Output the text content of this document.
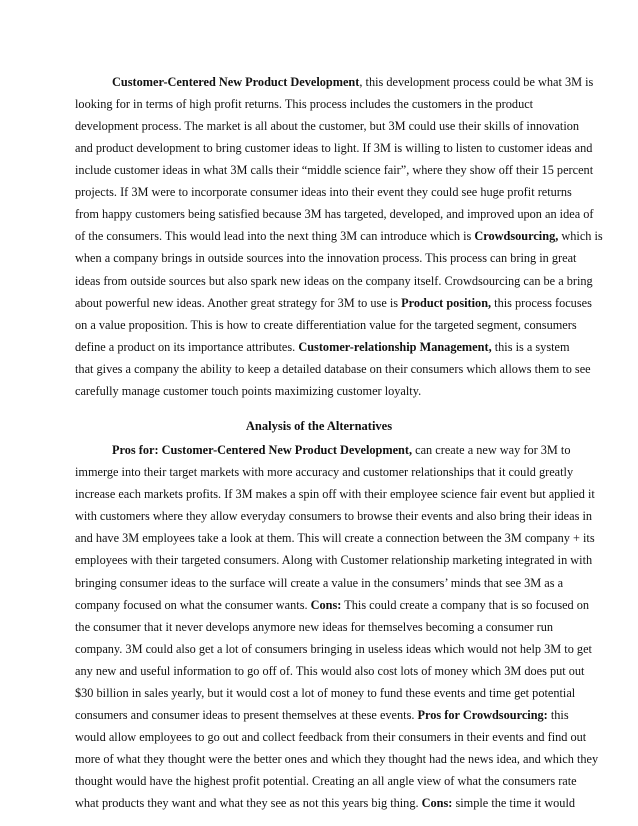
Customer-Centered New Product Development, this development process could be what 3M is
looking for in terms of high profit returns. This process includes the customers in the product
development process. The market is all about the customer, but 3M could use their skills of innovation
and product development to bring customer ideas to light. If 3M is willing to listen to customer ideas and
include customer ideas in what 3M calls their “middle science fair”, where they show off their 15 percent
projects. If 3M were to incorporate consumer ideas into their event they could see huge profit returns
from happy customers being satisfied because 3M has targeted, developed, and improved upon an idea of
of the consumers. This would lead into the next thing 3M can introduce which is Crowdsourcing, which is
when a company brings in outside sources into the innovation process. This process can bring in great
ideas from outside sources but also spark new ideas on the company itself. Crowdsourcing can be a bring
about powerful new ideas. Another great strategy for 3M to use is Product position, this process focuses
on a value proposition. This is how to create differentiation value for the targeted segment, consumers
define a product on its importance attributes. Customer-relationship Management, this is a system
that gives a company the ability to keep a detailed database on their consumers which allows them to see
carefully manage customer touch points maximizing customer loyalty.
Analysis of the Alternatives
Pros for: Customer-Centered New Product Development, can create a new way for 3M to
immerge into their target markets with more accuracy and customer relationships that it could greatly
increase each markets profits. If 3M makes a spin off with their employee science fair event but applied it
with customers where they allow everyday consumers to browse their events and also bring their ideas in
and have 3M employees take a look at them. This will create a connection between the 3M company + its
employees with their targeted consumers. Along with Customer relationship marketing integrated in with
bringing consumer ideas to the surface will create a value in the consumers’ minds that see 3M as a
company focused on what the consumer wants. Cons: This could create a company that is so focused on
the consumer that it never develops anymore new ideas for themselves becoming a consumer run
company. 3M could also get a lot of consumers bringing in useless ideas which would not help 3M to get
any new and useful information to go off of. This would also cost lots of money which 3M does put out
$30 billion in sales yearly, but it would cost a lot of money to fund these events and time get potential
consumers and consumer ideas to present themselves at these events. Pros for Crowdsourcing: this
would allow employees to go out and collect feedback from their consumers in their events and find out
more of what they thought were the better ones and which they thought had the news idea, and which they
thought would have the highest profit potential. Creating an all angle view of what the consumers rate
what products they want and what they see as not this years big thing. Cons: simple the time it would
